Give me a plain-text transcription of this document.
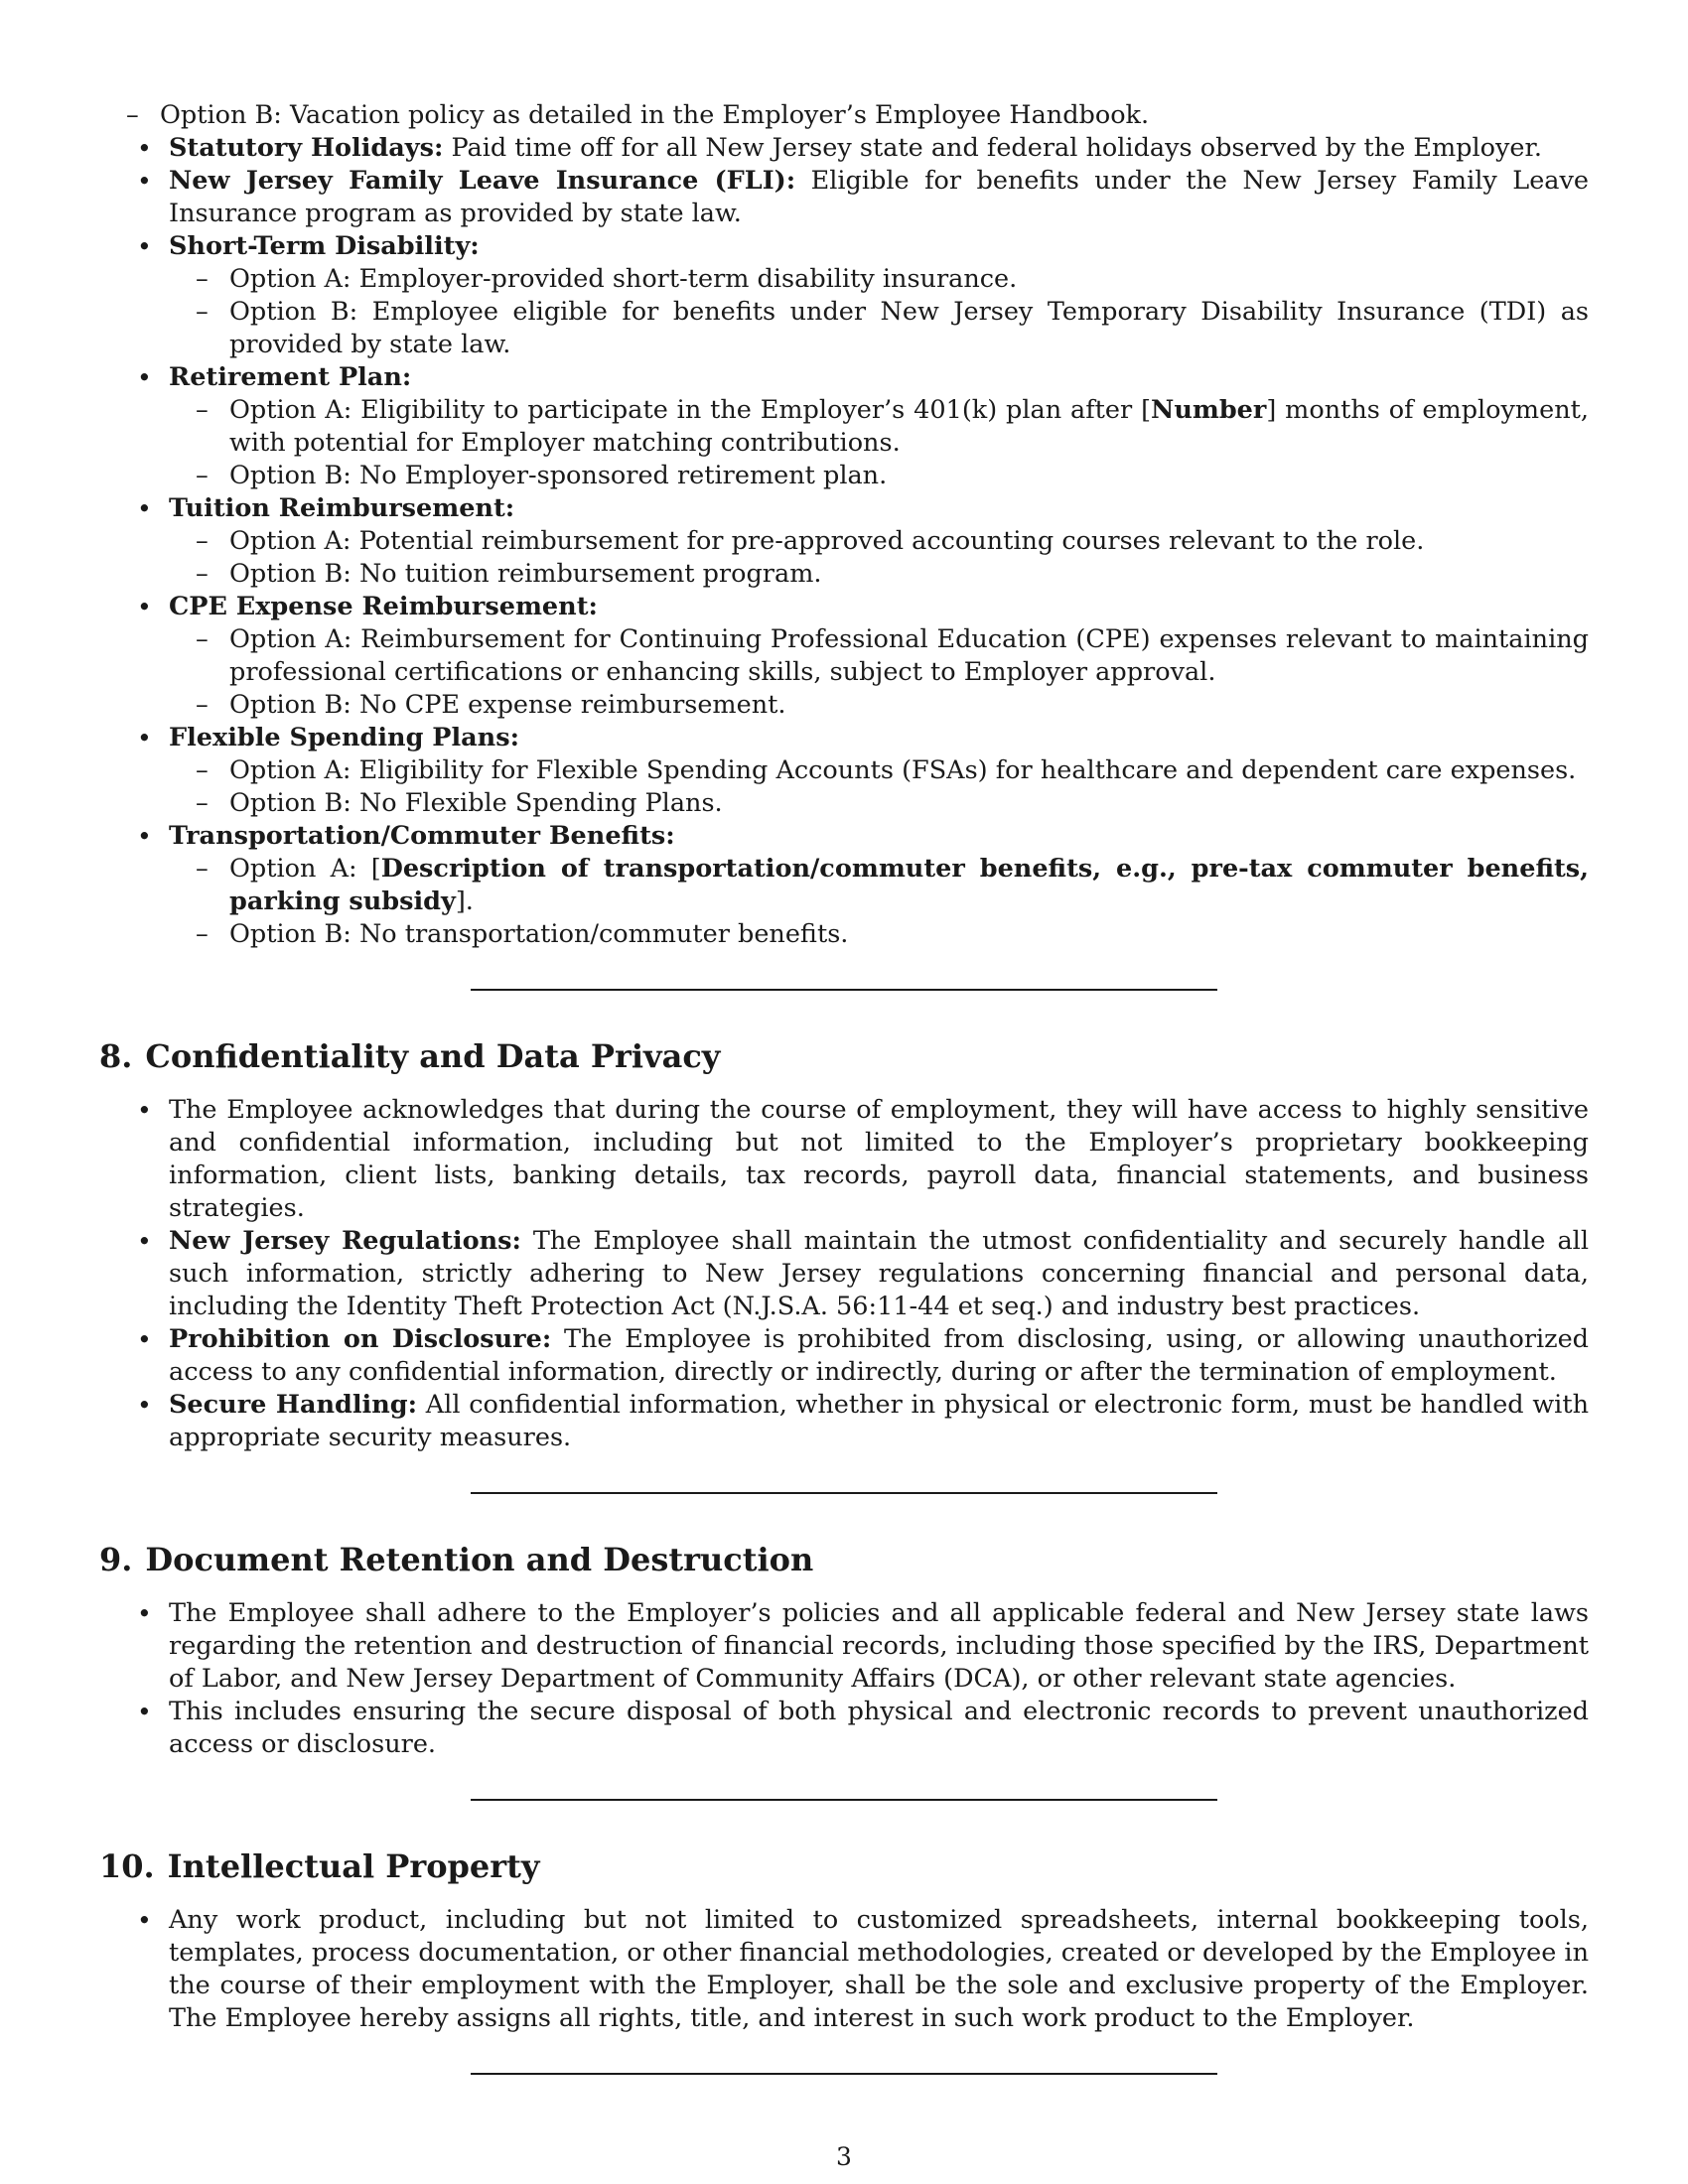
– Option B: Vacation policy as detailed in the Employer’s Employee Handbook.
• Statutory Holidays: Paid time off for all New Jersey state and federal holidays observed by the Employer.
• New Jersey Family Leave Insurance (FLI): Eligible for benefits under the New Jersey Family Leave Insurance program as provided by state law.
• Short-Term Disability:
– Option A: Employer-provided short-term disability insurance.
– Option B: Employee eligible for benefits under New Jersey Temporary Disability Insurance (TDI) as provided by state law.
• Retirement Plan:
– Option A: Eligibility to participate in the Employer’s 401(k) plan after [Number] months of employment, with potential for Employer matching contributions.
– Option B: No Employer-sponsored retirement plan.
• Tuition Reimbursement:
– Option A: Potential reimbursement for pre-approved accounting courses relevant to the role.
– Option B: No tuition reimbursement program.
• CPE Expense Reimbursement:
– Option A: Reimbursement for Continuing Professional Education (CPE) expenses relevant to maintaining professional certifications or enhancing skills, subject to Employer approval.
– Option B: No CPE expense reimbursement.
• Flexible Spending Plans:
– Option A: Eligibility for Flexible Spending Accounts (FSAs) for healthcare and dependent care expenses.
– Option B: No Flexible Spending Plans.
• Transportation/Commuter Benefits:
– Option A: [Description of transportation/commuter benefits, e.g., pre-tax commuter benefits, parking subsidy].
– Option B: No transportation/commuter benefits.
8. Confidentiality and Data Privacy
• The Employee acknowledges that during the course of employment, they will have access to highly sensitive and confidential information, including but not limited to the Employer’s proprietary bookkeeping information, client lists, banking details, tax records, payroll data, financial statements, and business strategies.
• New Jersey Regulations: The Employee shall maintain the utmost confidentiality and securely handle all such information, strictly adhering to New Jersey regulations concerning financial and personal data, including the Identity Theft Protection Act (N.J.S.A. 56:11-44 et seq.) and industry best practices.
• Prohibition on Disclosure: The Employee is prohibited from disclosing, using, or allowing unauthorized access to any confidential information, directly or indirectly, during or after the termination of employment.
• Secure Handling: All confidential information, whether in physical or electronic form, must be handled with appropriate security measures.
9. Document Retention and Destruction
• The Employee shall adhere to the Employer’s policies and all applicable federal and New Jersey state laws regarding the retention and destruction of financial records, including those specified by the IRS, Department of Labor, and New Jersey Department of Community Affairs (DCA), or other relevant state agencies.
• This includes ensuring the secure disposal of both physical and electronic records to prevent unauthorized access or disclosure.
10. Intellectual Property
• Any work product, including but not limited to customized spreadsheets, internal bookkeeping tools, templates, process documentation, or other financial methodologies, created or developed by the Employee in the course of their employment with the Employer, shall be the sole and exclusive property of the Employer. The Employee hereby assigns all rights, title, and interest in such work product to the Employer.
3
